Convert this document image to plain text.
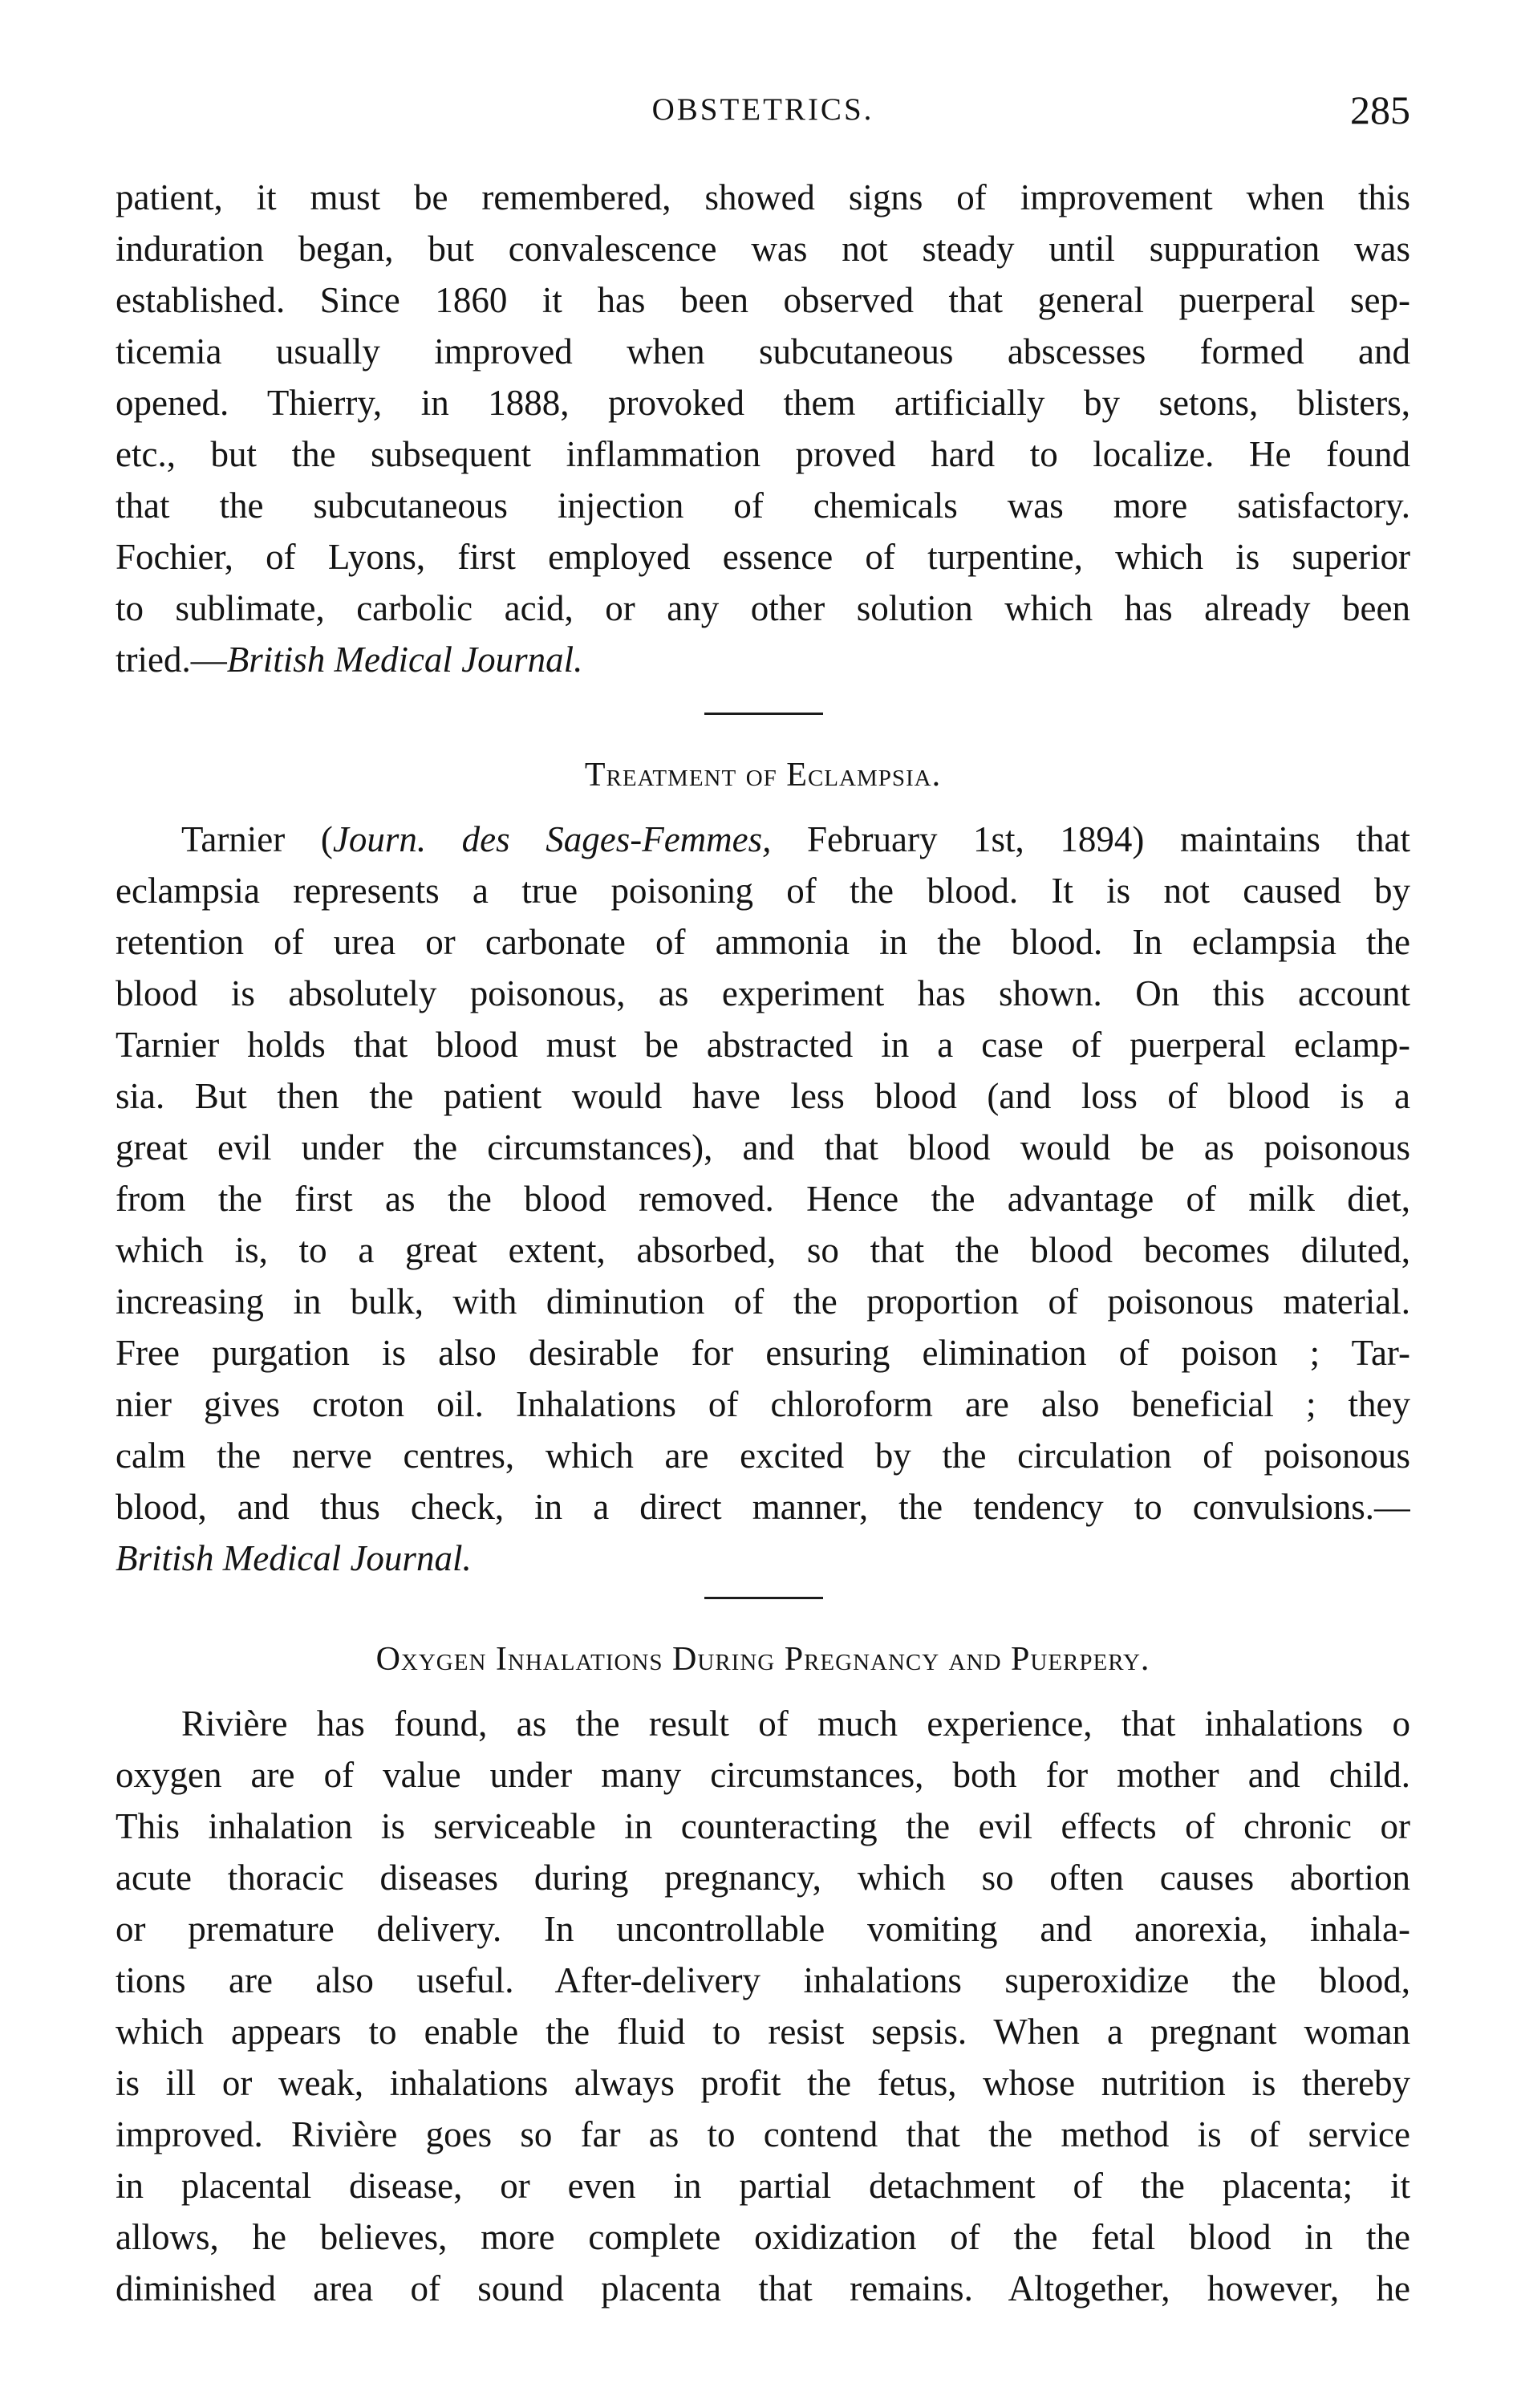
OBSTETRICS.	285
patient, it must be remembered, showed signs of improvement when this
induration began, but convalescence was not steady until suppuration was
established. Since 1860 it has been observed that general puerperal sep-
ticemia usually improved when subcutaneous abscesses formed and
opened. Thierry, in 1888, provoked them artificially by setons, blisters,
etc., but the subsequent inflammation proved hard to localize. He found
that the subcutaneous injection of chemicals was more satisfactory.
Fochier, of Lyons, first employed essence of turpentine, which is superior
to sublimate, carbolic acid, or any other solution which has already been
tried.—British Medical Journal.
Treatment of Eclampsia.
Tarnier (Journ. des Sages-Femmes, February 1st, 1894) maintains that
eclampsia represents a true poisoning of the blood. It is not caused by
retention of urea or carbonate of ammonia in the blood. In eclampsia the
blood is absolutely poisonous, as experiment has shown. On this account
Tarnier holds that blood must be abstracted in a case of puerperal eclamp-
sia. But then the patient would have less blood (and loss of blood is a
great evil under the circumstances), and that blood would be as poisonous
from the first as the blood removed. Hence the advantage of milk diet,
which is, to a great extent, absorbed, so that the blood becomes diluted,
increasing in bulk, with diminution of the proportion of poisonous material.
Free purgation is also desirable for ensuring elimination of poison ; Tar-
nier gives croton oil. Inhalations of chloroform are also beneficial ; they
calm the nerve centres, which are excited by the circulation of poisonous
blood, and thus check, in a direct manner, the tendency to convulsions.—
British Medical Journal.
Oxygen Inhalations During Pregnancy and Puerpery.
Rivière has found, as the result of much experience, that inhalations o
oxygen are of value under many circumstances, both for mother and child.
This inhalation is serviceable in counteracting the evil effects of chronic or
acute thoracic diseases during pregnancy, which so often causes abortion
or premature delivery. In uncontrollable vomiting and anorexia, inhala-
tions are also useful. After-delivery inhalations superoxidize the blood,
which appears to enable the fluid to resist sepsis. When a pregnant woman
is ill or weak, inhalations always profit the fetus, whose nutrition is thereby
improved. Rivière goes so far as to contend that the method is of service
in placental disease, or even in partial detachment of the placenta; it
allows, he believes, more complete oxidization of the fetal blood in the
diminished area of sound placenta that remains. Altogether, however, he
